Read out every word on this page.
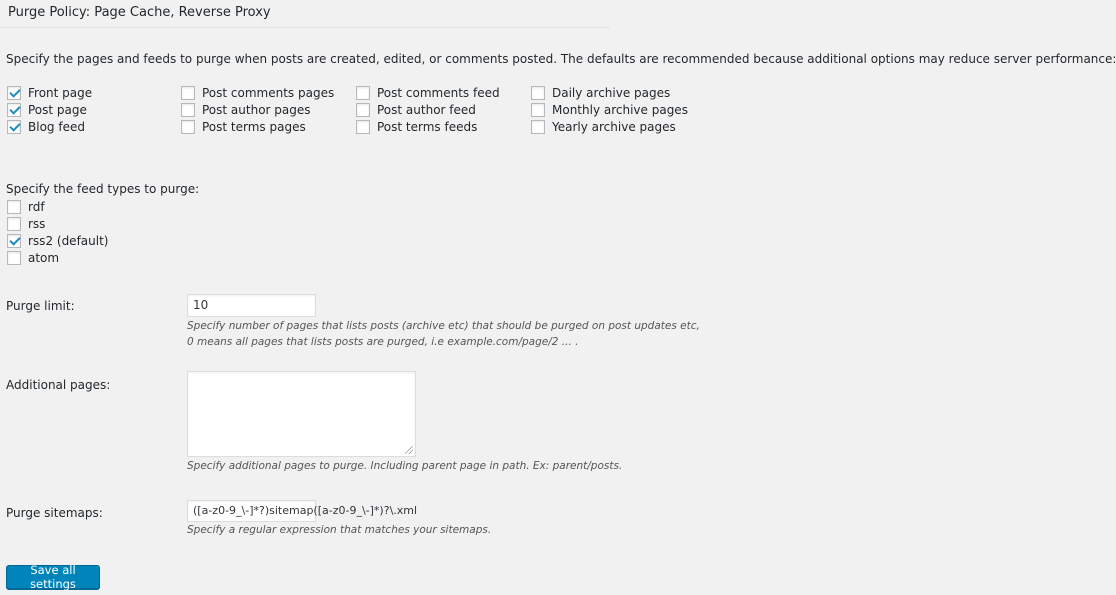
Purge Policy: Page Cache, Reverse Proxy
Specify the pages and feeds to purge when posts are created, edited, or comments posted. The defaults are recommended because additional options may reduce server performance:
Front page
Post page
Blog feed
Post comments pages
Post author pages
Post terms pages
Post comments feed
Post author feed
Post terms feeds
Daily archive pages
Monthly archive pages
Yearly archive pages
Specify the feed types to purge:
rdf
rss
rss2 (default)
atom
Purge limit:	10
Specify number of pages that lists posts (archive etc) that should be purged on post updates etc,
0 means all pages that lists posts are purged, i.e example.com/page/2 ... .
Additional pages:
Specify additional pages to purge. Including parent page in path. Ex: parent/posts.
Purge sitemaps:	([a-z0-9_\-]*?)sitemap([a-z0-9_\-]*)?\.xml
Specify a regular expression that matches your sitemaps.
Save all settings
